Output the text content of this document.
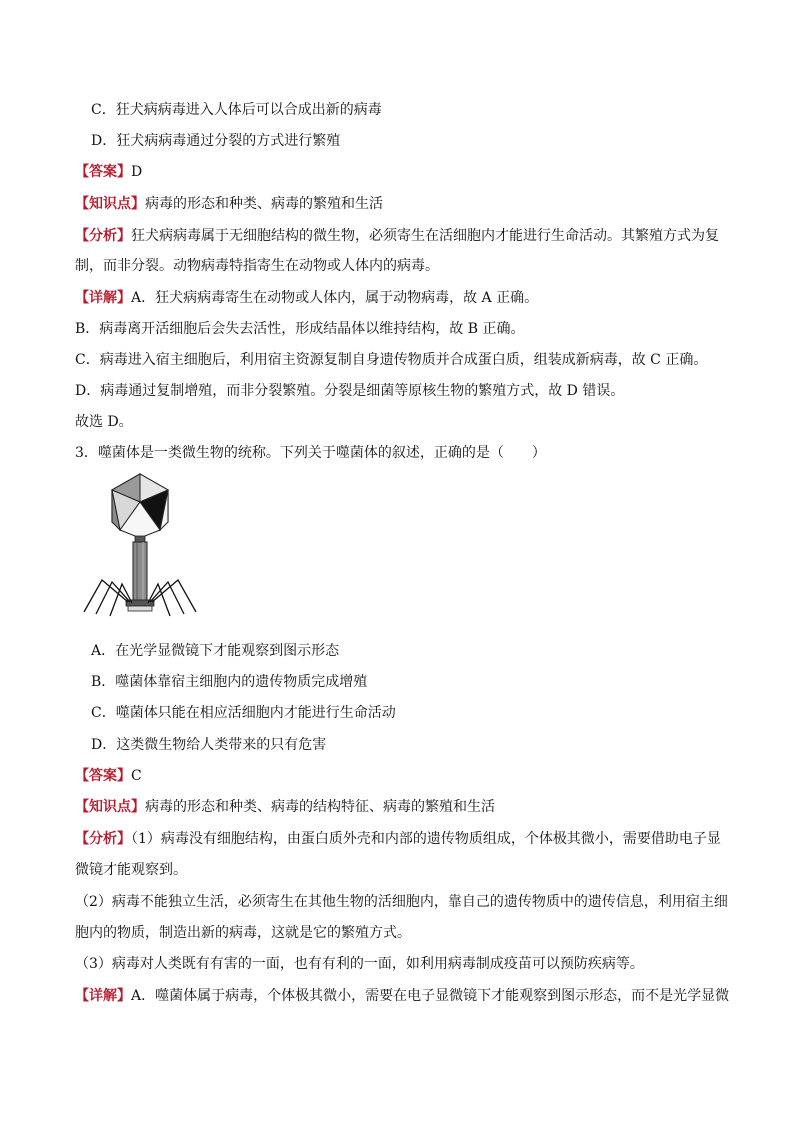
C．狂犬病病毒进入人体后可以合成出新的病毒
D．狂犬病病毒通过分裂的方式进行繁殖
【答案】D
【知识点】病毒的形态和种类、病毒的繁殖和生活
【分析】狂犬病病毒属于无细胞结构的微生物，必须寄生在活细胞内才能进行生命活动。其繁殖方式为复
制，而非分裂。动物病毒特指寄生在动物或人体内的病毒。
【详解】A．狂犬病病毒寄生在动物或人体内，属于动物病毒，故 A 正确。
B．病毒离开活细胞后会失去活性，形成结晶体以维持结构，故 B 正确。
C．病毒进入宿主细胞后，利用宿主资源复制自身遗传物质并合成蛋白质，组装成新病毒，故 C 正确。
D．病毒通过复制增殖，而非分裂繁殖。分裂是细菌等原核生物的繁殖方式，故 D 错误。
故选 D。
3．噬菌体是一类微生物的统称。下列关于噬菌体的叙述，正确的是（　　）
A．在光学显微镜下才能观察到图示形态
B．噬菌体靠宿主细胞内的遗传物质完成增殖
C．噬菌体只能在相应活细胞内才能进行生命活动
D．这类微生物给人类带来的只有危害
【答案】C
【知识点】病毒的形态和种类、病毒的结构特征、病毒的繁殖和生活
【分析】（1）病毒没有细胞结构，由蛋白质外壳和内部的遗传物质组成，个体极其微小，需要借助电子显
微镜才能观察到。
（2）病毒不能独立生活，必须寄生在其他生物的活细胞内，靠自己的遗传物质中的遗传信息，利用宿主细
胞内的物质，制造出新的病毒，这就是它的繁殖方式。
（3）病毒对人类既有有害的一面，也有有利的一面，如利用病毒制成疫苗可以预防疾病等。
【详解】A．噬菌体属于病毒，个体极其微小，需要在电子显微镜下才能观察到图示形态，而不是光学显微
